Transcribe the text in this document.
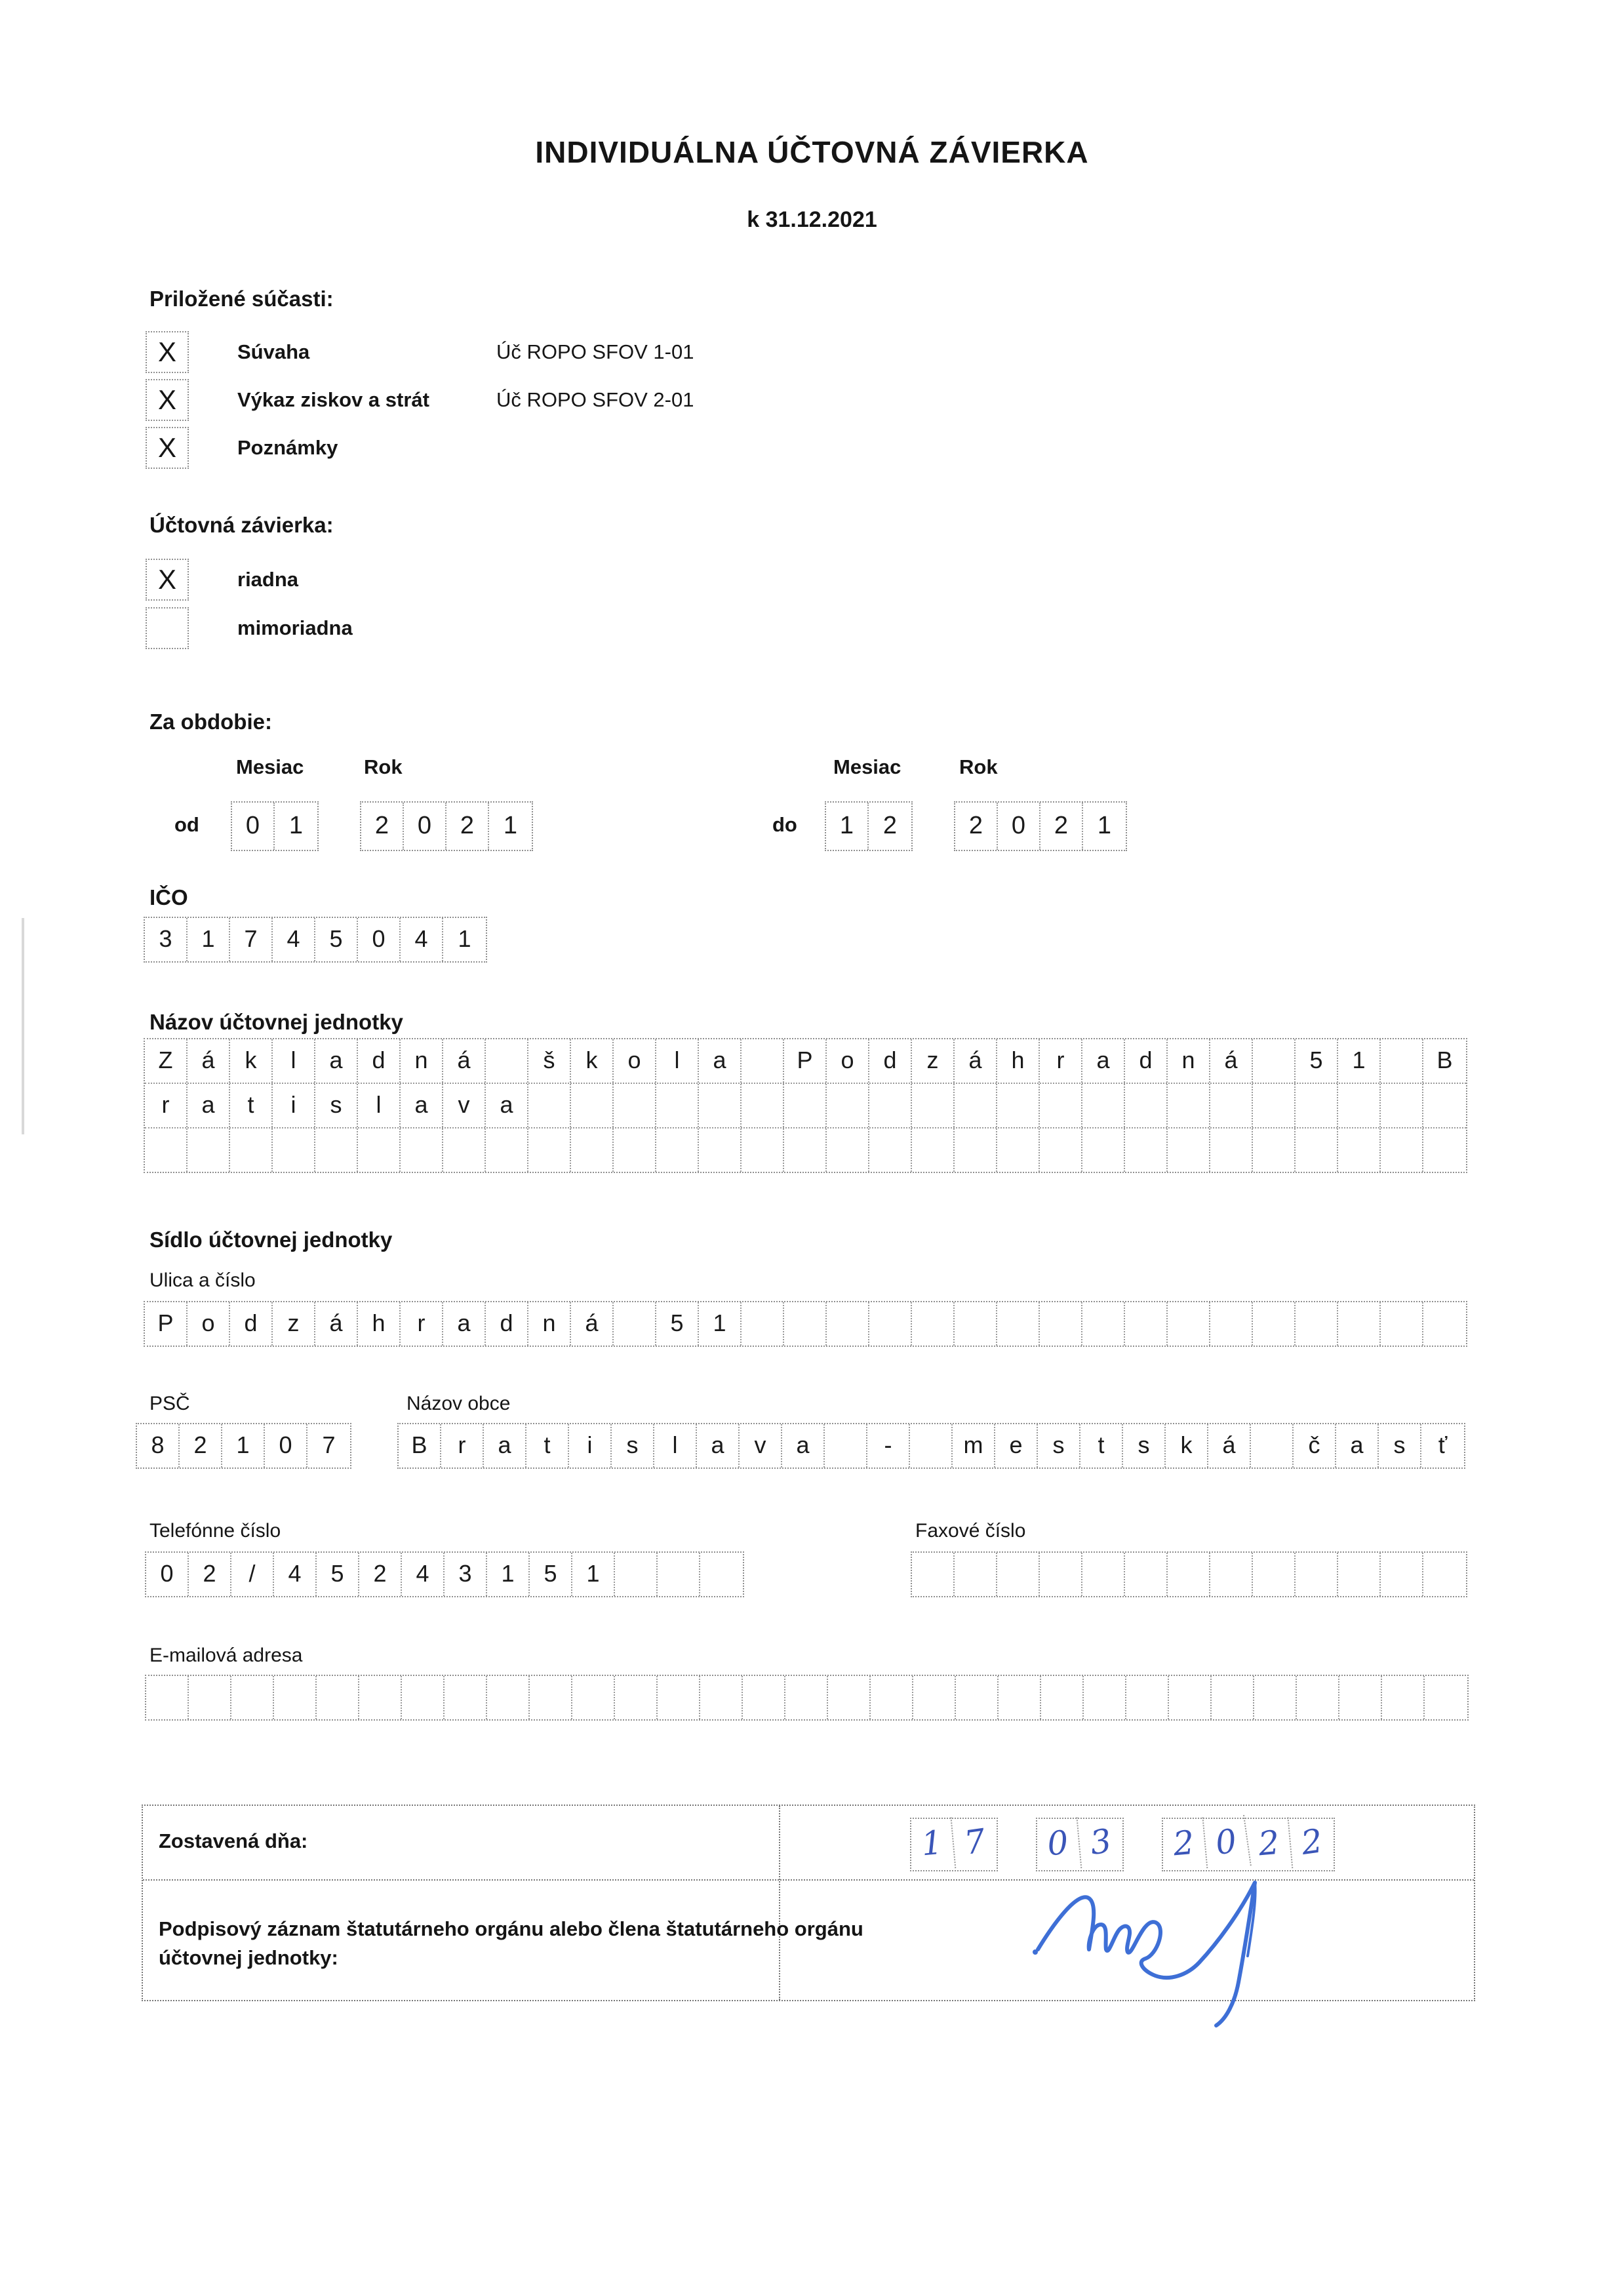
INDIVIDUÁLNA ÚČTOVNÁ ZÁVIERKA
k 31.12.2021
Priložené súčasti:
X	Súvaha	Úč ROPO SFOV 1-01
X	Výkaz ziskov a strát	Úč ROPO SFOV 2-01
X	Poznámky
Účtovná závierka:
X	riadna
mimoriadna
Za obdobie:
Mesiac	Rok
od	0	1	2	0	2	1
Mesiac	Rok
do	1	2	2	0	2	1
IČO
3	1	7	4	5	0	4	1
Názov účtovnej jednotky
Z	á	k	l	a	d	n	á	š	k	o	l	a	P	o	d	z	á	h	r	a	d	n	á	5	1	B
r	a	t	i	s	l	a	v	a
Sídlo účtovnej jednotky
Ulica a číslo
P	o	d	z	á	h	r	a	d	n	á	5	1
PSČ	Názov obce
8	2	1	0	7	B	r	a	t	i	s	l	a	v	a	-	m	e	s	t	s	k	á	č	a	s	ť
Telefónne číslo	Faxové číslo
0	2	/	4	5	2	4	3	1	5	1
E-mailová adresa
Zostavená dňa:	1 7	0 3	2 0 2 2
Podpisový záznam štatutárneho orgánu alebo člena štatutárneho orgánu
účtovnej jednotky:
